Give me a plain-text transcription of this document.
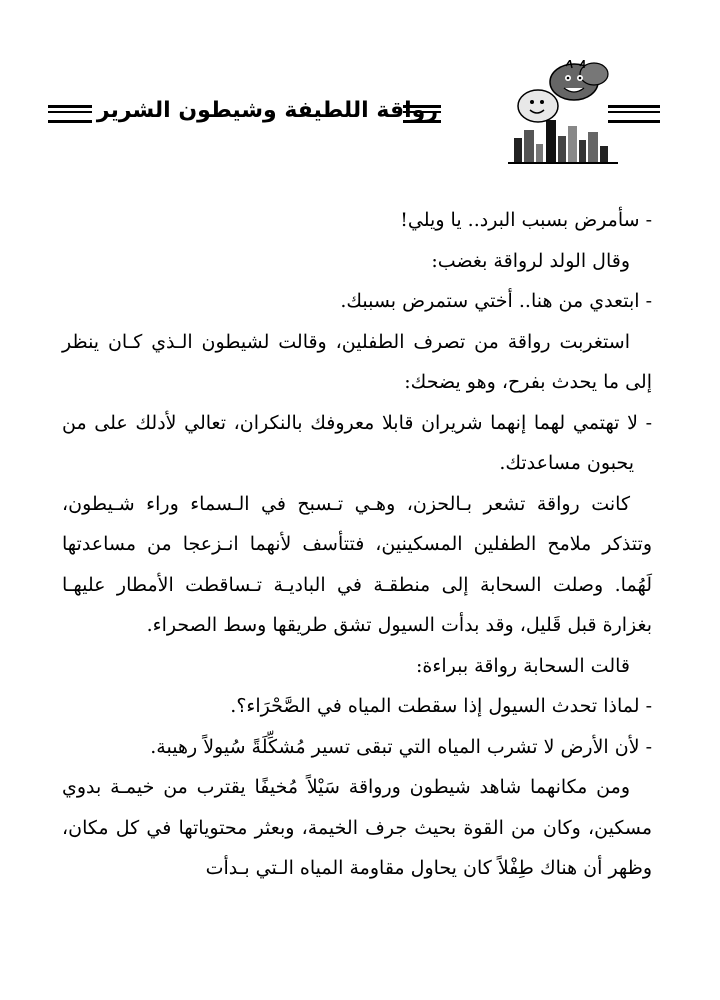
رواقة اللطيفة وشيطون الشرير

- سأمرض بسبب البرد.. يا ويلي!

وقال الولد لرواقة بغضب:

- ابتعدي من هنا.. أختي ستمرض بسببك.

استغربت رواقة من تصرف الطفلين، وقالت لشيطون الـذي كـان ينظر إلى ما يحدث بفرح، وهو يضحك:

- لا تهتمي لهما إنهما شريران قابلا معروفك بالنكران، تعالي لأدلك على من يحبون مساعدتك.

كانت رواقة تشعر بـالحزن، وهـي تـسبح في الـسماء وراء شـيطون، وتتذكر ملامح الطفلين المسكينين، فتتأسف لأنهما انـزعجا من مساعدتها لَهُما. وصلت السحابة إلى منطقـة في الباديـة تـساقطت الأمطار عليهـا بغزارة قبل قَليل، وقد بدأت السيول تشق طريقها وسط الصحراء.

قالت السحابة رواقة ببراءة:

- لماذا تحدث السيول إذا سقطت المياه في الصَّحْرَاء؟.

- لأن الأرض لا تشرب المياه التي تبقى تسير مُشكِّلَةً سُيولاً رهيبة.

ومن مكانهما شاهد شيطون ورواقة سَيْلاً مُخيفًا يقترب من خيمـة بدوي مسكين، وكان من القوة بحيث جرف الخيمة، وبعثر محتوياتها في كل مكان، وظهر أن هناك طِفْلاً كان يحاول مقاومة المياه الـتي بـدأت
